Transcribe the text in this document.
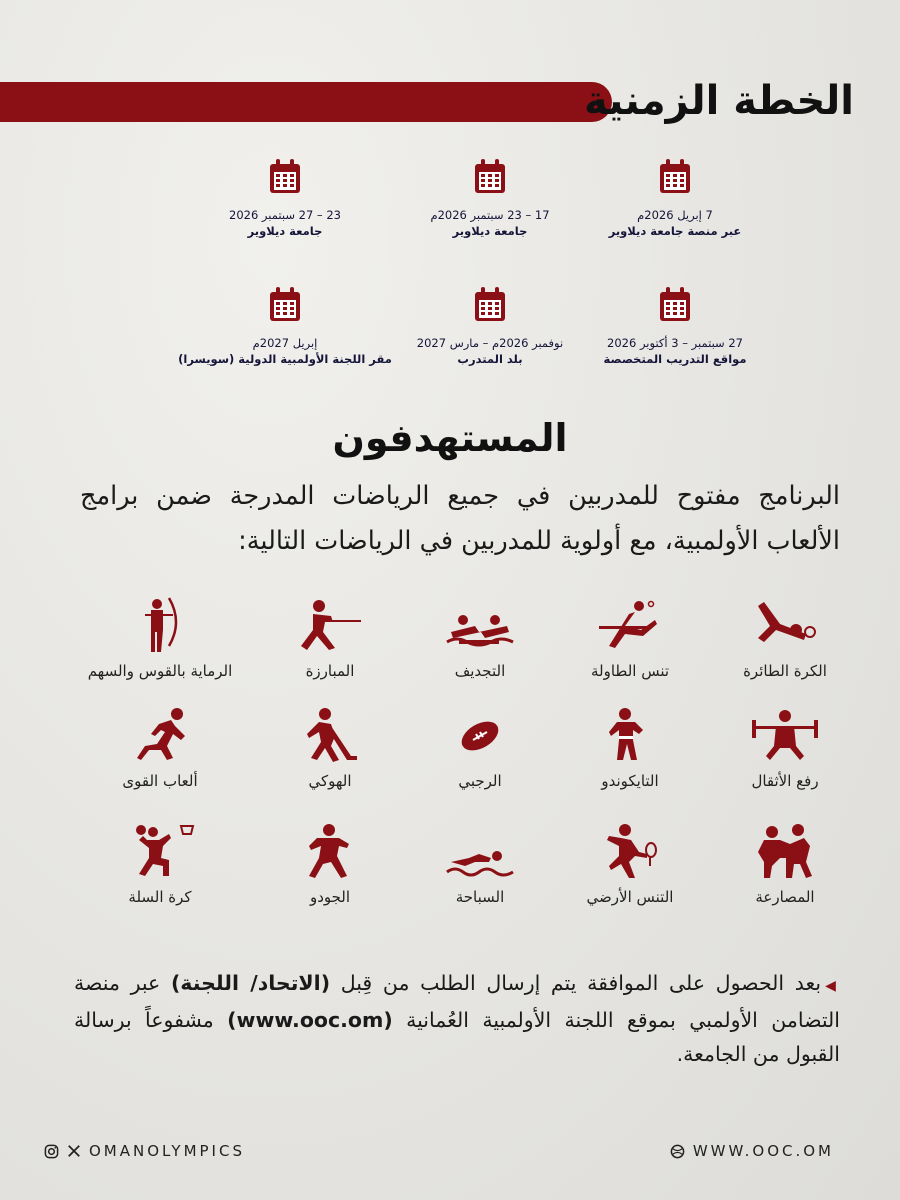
الخطة الزمنية
7 إبريل 2026م
عبر منصة جامعة ديلاوير
17 – 23 سبتمبر 2026م
جامعة ديلاوير
23 – 27 سبتمبر 2026
جامعة ديلاوير
27 سبتمبر – 3 أكتوبر 2026
مواقع التدريب المتخصصة
نوفمبر 2026م – مارس 2027
بلد المتدرب
إبريل 2027م
مقر اللجنة الأولمبية الدولية (سويسرا)
المستهدفون
البرنامج مفتوح للمدربين في جميع الرياضات المدرجة ضمن برامج الألعاب الأولمبية، مع أولوية للمدربين في الرياضات التالية:
الكرة الطائرة
تنس الطاولة
التجديف
المبارزة
الرماية بالقوس والسهم
رفع الأثقال
التايكوندو
الرجبي
الهوكي
ألعاب القوى
المصارعة
التنس الأرضي
السباحة
الجودو
كرة السلة
◀بعد الحصول على الموافقة يتم إرسال الطلب من قِبل (الاتحاد/ اللجنة) عبر منصة التضامن الأولمبي بموقع اللجنة الأولمبية العُمانية (www.ooc.om) مشفوعاً برسالة القبول من الجامعة.
OMANOLYMPICS	WWW.OOC.OM
